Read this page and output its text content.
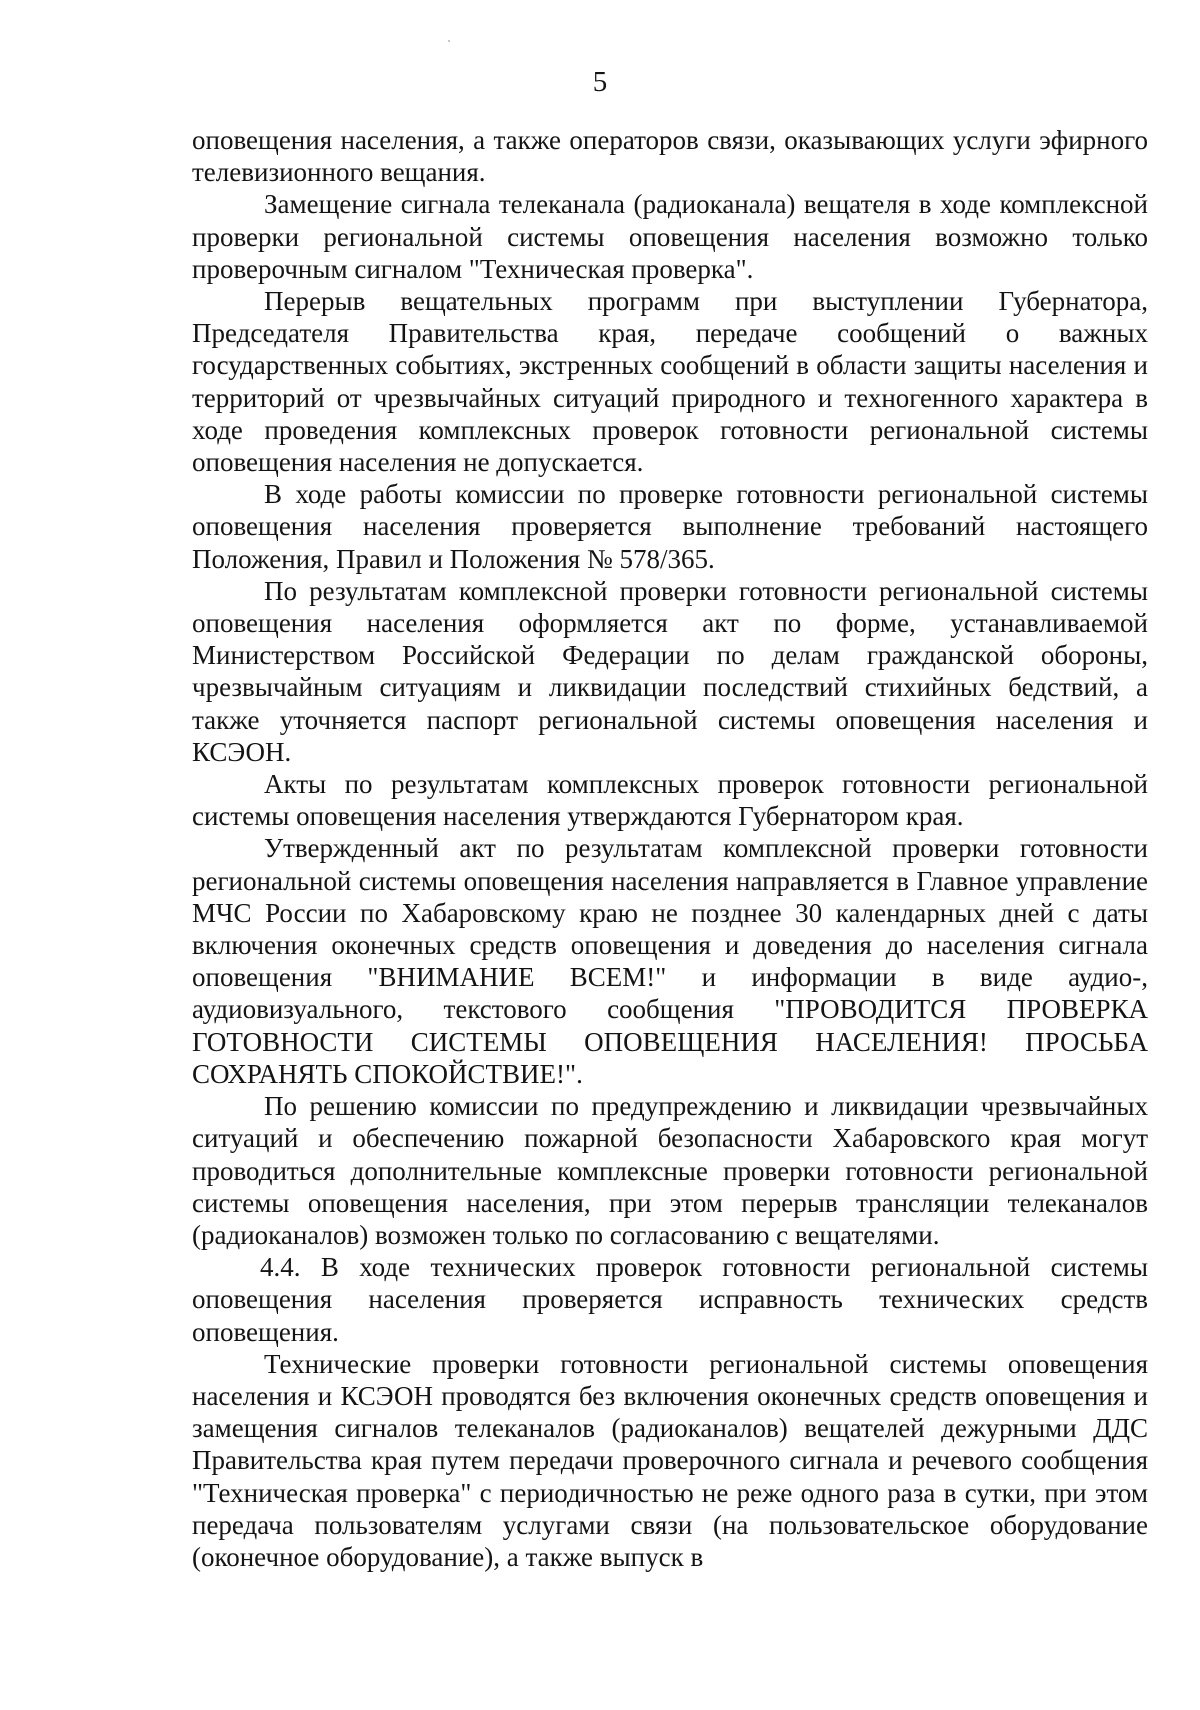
5

оповещения населения, а также операторов связи, оказывающих услуги эфирного телевизионного вещания.

Замещение сигнала телеканала (радиоканала) вещателя в ходе комплексной проверки региональной системы оповещения населения возможно только проверочным сигналом "Техническая проверка".

Перерыв вещательных программ при выступлении Губернатора, Председателя Правительства края, передаче сообщений о важных государственных событиях, экстренных сообщений в области защиты населения и территорий от чрезвычайных ситуаций природного и техногенного характера в ходе проведения комплексных проверок готовности региональной системы оповещения населения не допускается.

В ходе работы комиссии по проверке готовности региональной системы оповещения населения проверяется выполнение требований настоящего Положения, Правил и Положения № 578/365.

По результатам комплексной проверки готовности региональной системы оповещения населения оформляется акт по форме, устанавливаемой Министерством Российской Федерации по делам гражданской обороны, чрезвычайным ситуациям и ликвидации последствий стихийных бедствий, а также уточняется паспорт региональной системы оповещения населения и КСЭОН.

Акты по результатам комплексных проверок готовности региональной системы оповещения населения утверждаются Губернатором края.

Утвержденный акт по результатам комплексной проверки готовности региональной системы оповещения населения направляется в Главное управление МЧС России по Хабаровскому краю не позднее 30 календарных дней с даты включения оконечных средств оповещения и доведения до населения сигнала оповещения "ВНИМАНИЕ ВСЕМ!" и информации в виде аудио-, аудиовизуального, текстового сообщения "ПРОВОДИТСЯ ПРОВЕРКА ГОТОВНОСТИ СИСТЕМЫ ОПОВЕЩЕНИЯ НАСЕЛЕНИЯ! ПРОСЬБА СОХРАНЯТЬ СПОКОЙСТВИЕ!".

По решению комиссии по предупреждению и ликвидации чрезвычайных ситуаций и обеспечению пожарной безопасности Хабаровского края могут проводиться дополнительные комплексные проверки готовности региональной системы оповещения населения, при этом перерыв трансляции телеканалов (радиоканалов) возможен только по согласованию с вещателями.

4.4. В ходе технических проверок готовности региональной системы оповещения населения проверяется исправность технических средств оповещения.

Технические проверки готовности региональной системы оповещения населения и КСЭОН проводятся без включения оконечных средств оповещения и замещения сигналов телеканалов (радиоканалов) вещателей дежурными ДДС Правительства края путем передачи проверочного сигнала и речевого сообщения "Техническая проверка" с периодичностью не реже одного раза в сутки, при этом передача пользователям услугами связи (на пользовательское оборудование (оконечное оборудование), а также выпуск в
